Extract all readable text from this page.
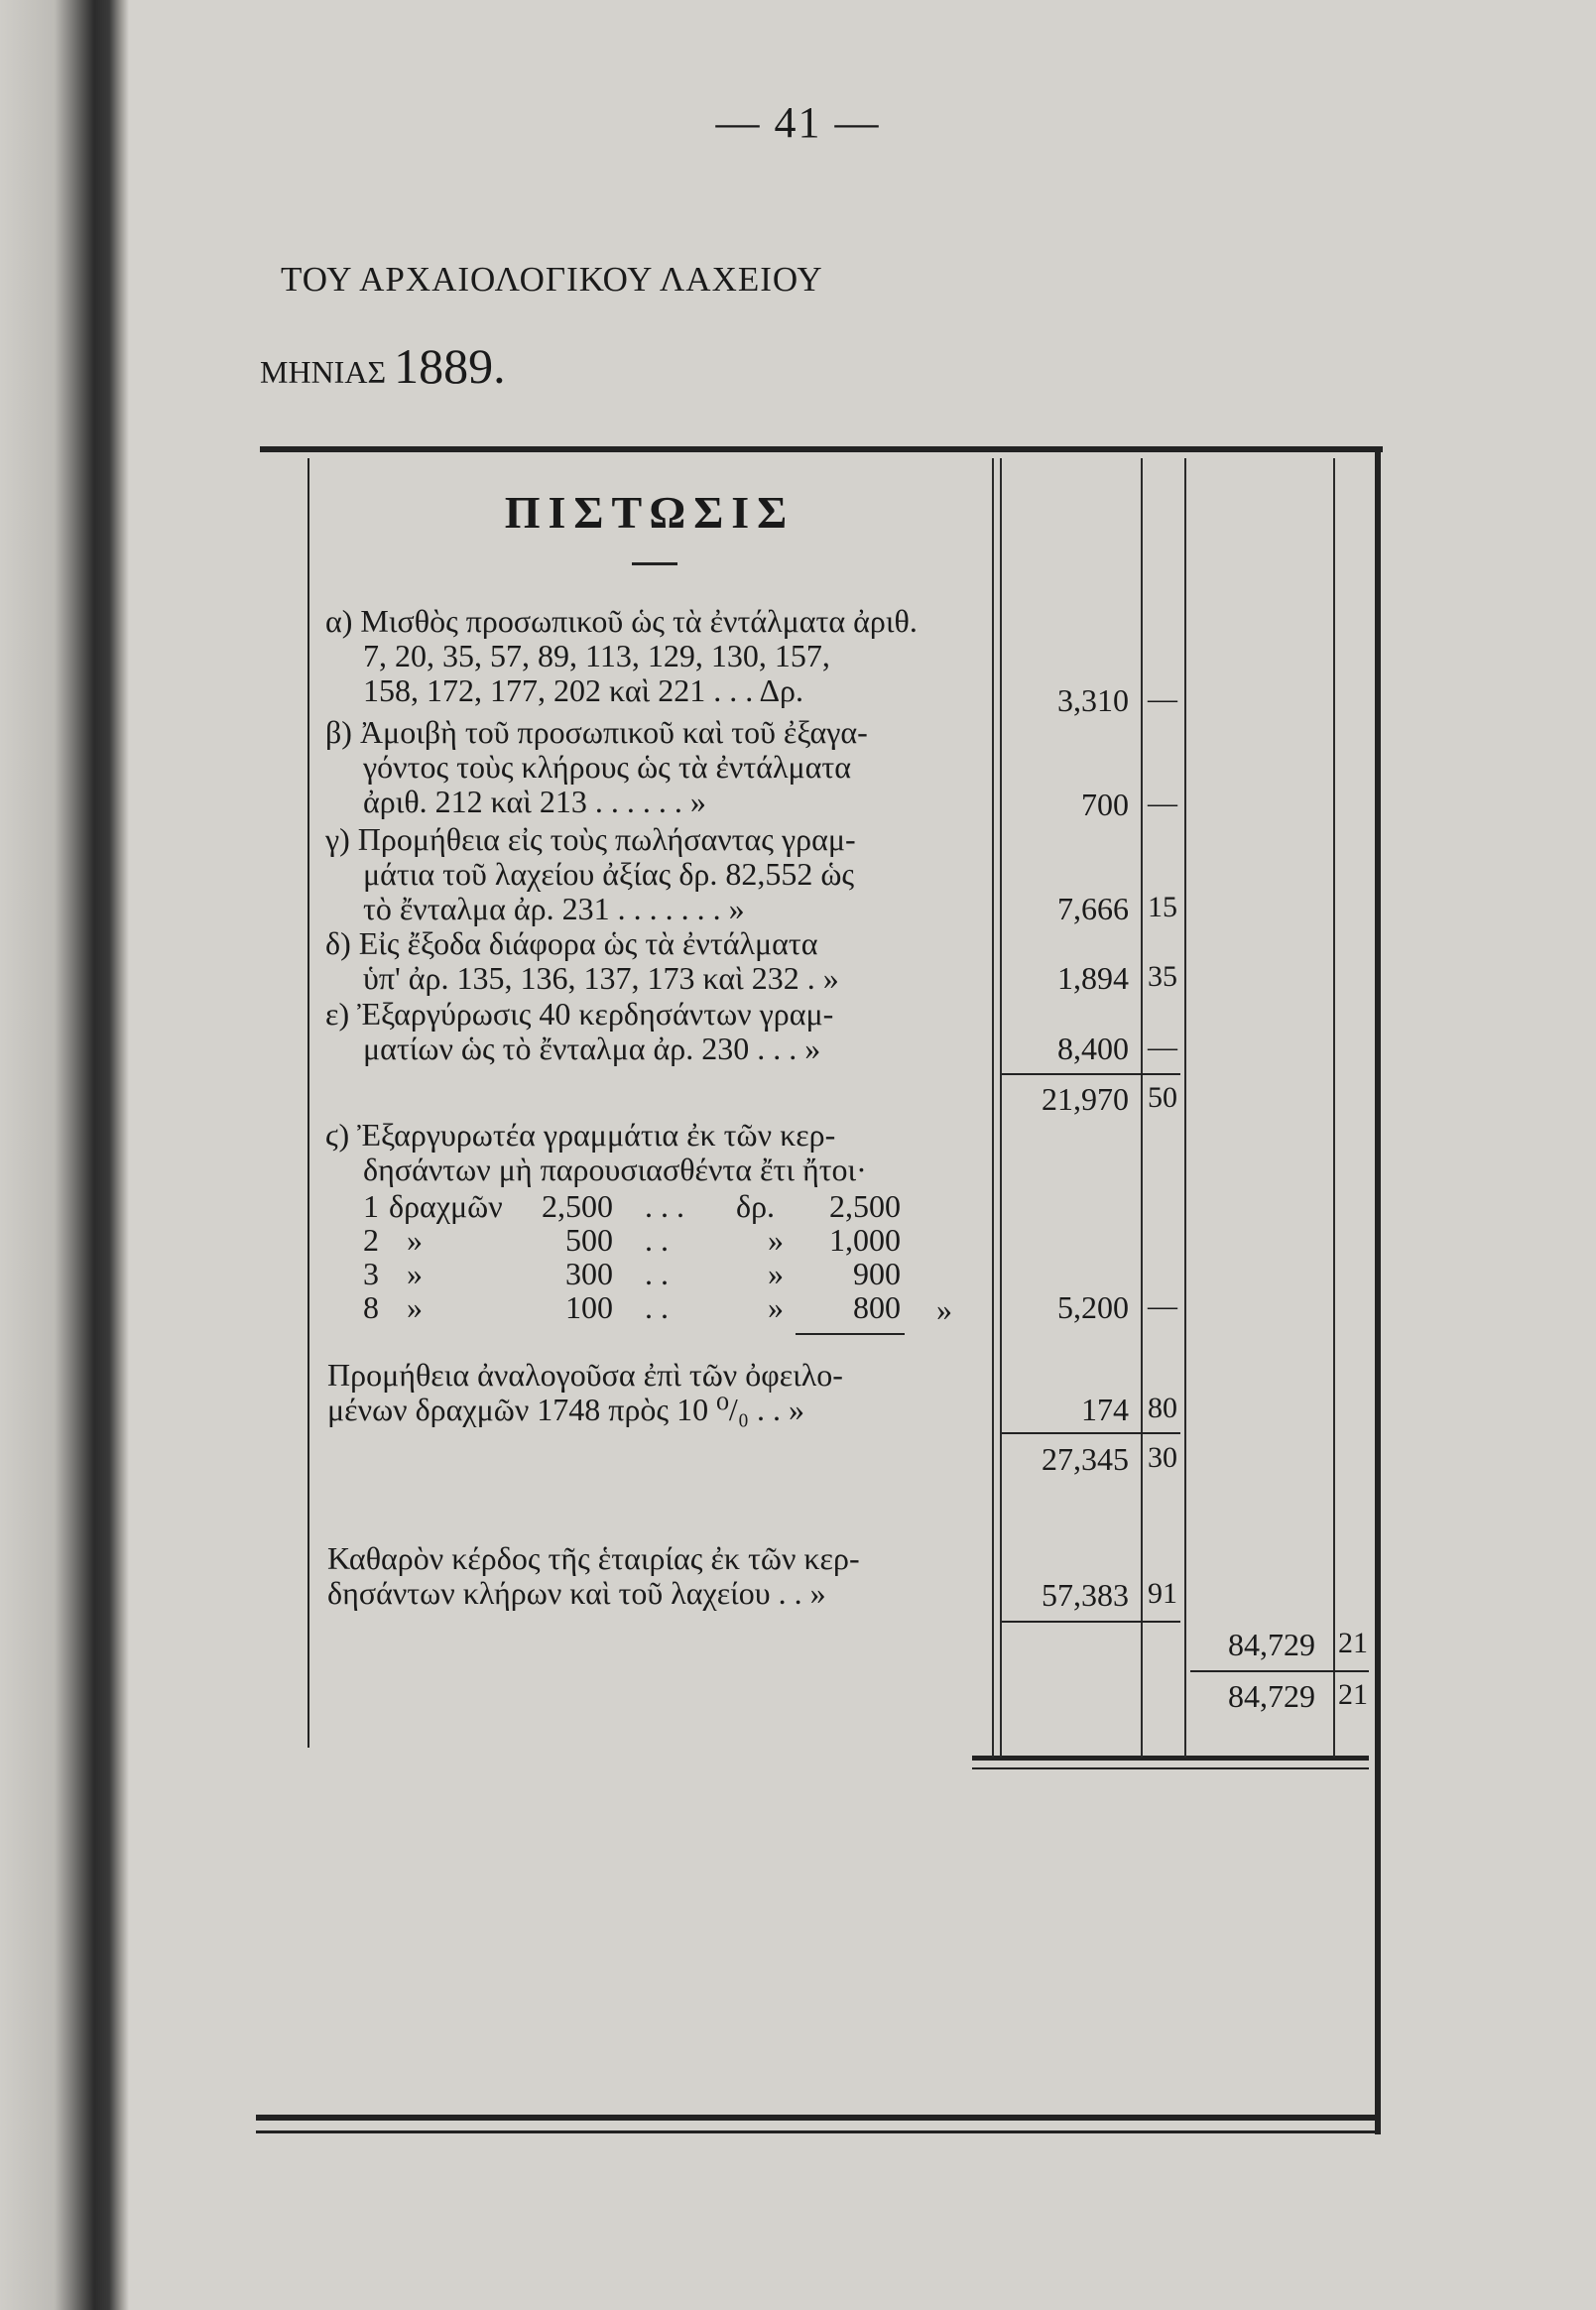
— 41 —
ΤΟΥ ΑΡΧΑΙΟΛΟΓΙΚΟΥ ΛΑΧΕΙΟΥ
ΜΗΝΙΑΣ 1889.
ΠΙΣΤΩΣΙΣ
α) Μισθὸς προσωπικοῦ ὡς τὰ ἐντάλματα ἀριθ.
7, 20, 35, 57, 89, 113, 129, 130, 157,
158, 172, 177, 202 καὶ 221 . . . Δρ.	3,310 —
β) Ἀμοιβὴ τοῦ προσωπικοῦ καὶ τοῦ ἐξαγα-
γόντος τοὺς κλήρους ὡς τὰ ἐντάλματα
ἀριθ. 212 καὶ 213 . . . . . . »	700 —
γ) Προμήθεια εἰς τοὺς πωλήσαντας γραμ-
μάτια τοῦ λαχείου ἀξίας δρ. 82,552 ὡς
τὸ ἔνταλμα ἀρ. 231 . . . . . . . »	7,666 15
δ) Εἰς ἔξοδα διάφορα ὡς τὰ ἐντάλματα
ὑπ' ἀρ. 135, 136, 137, 173 καὶ 232 . »	1,894 35
ε) Ἐξαργύρωσις 40 κερδησάντων γραμ-
ματίων ὡς τὸ ἔνταλμα ἀρ. 230 . . . »	8,400 —
21,970 50
ϛ) Ἐξαργυρωτέα γραμμάτια ἐκ τῶν κερ-
δησάντων μὴ παρουσιασθέντα ἔτι ἤτοι·
1 δραχμῶν	2,500 . . . δρ.	2,500
2 »	500 . .	»	1,000
3 »	300 . .	»	900
8 »	100 . .	»	800 »	5,200 —
Προμήθεια ἀναλογοῦσα ἐπὶ τῶν ὀφειλο-
μένων δραχμῶν 1748 πρὸς 10 ⁰/₀ . . »	174 80
27,345 30
Καθαρὸν κέρδος τῆς ἑταιρίας ἐκ τῶν κερ-
δησάντων κλήρων καὶ τοῦ λαχείου . . »	57,383 91
84,729 21
84,729 21
